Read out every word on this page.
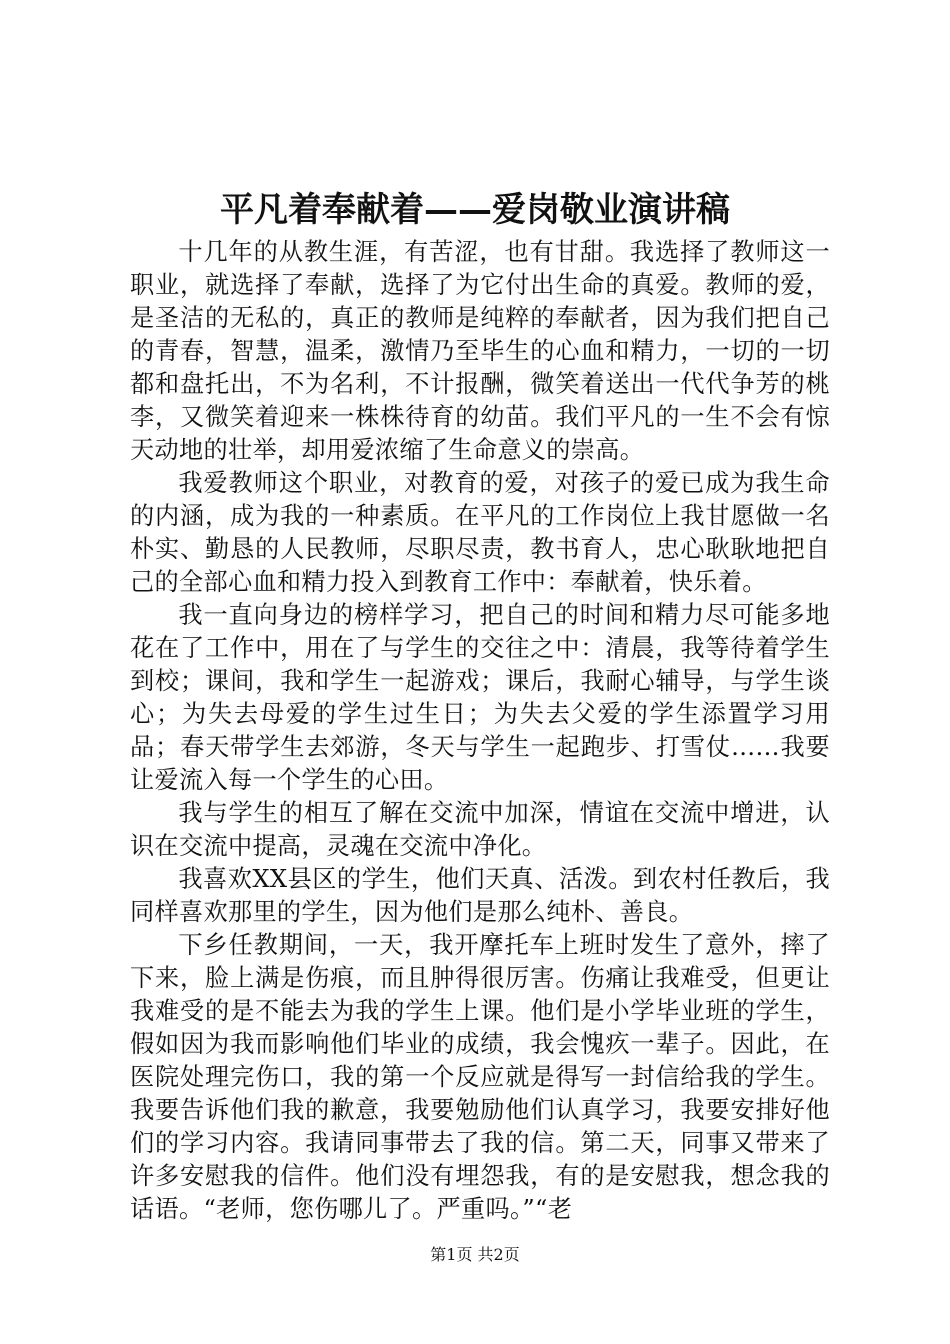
平凡着奉献着——爱岗敬业演讲稿

十几年的从教生涯，有苦涩，也有甘甜。我选择了教师这一职业，就选择了奉献，选择了为它付出生命的真爱。教师的爱，是圣洁的无私的，真正的教师是纯粹的奉献者，因为我们把自己的青春，智慧，温柔，激情乃至毕生的心血和精力，一切的一切都和盘托出，不为名利，不计报酬，微笑着送出一代代争芳的桃李，又微笑着迎来一株株待育的幼苗。我们平凡的一生不会有惊天动地的壮举，却用爱浓缩了生命意义的崇高。

我爱教师这个职业，对教育的爱，对孩子的爱已成为我生命的内涵，成为我的一种素质。在平凡的工作岗位上我甘愿做一名朴实、勤恳的人民教师，尽职尽责，教书育人，忠心耿耿地把自己的全部心血和精力投入到教育工作中：奉献着，快乐着。

我一直向身边的榜样学习，把自己的时间和精力尽可能多地花在了工作中，用在了与学生的交往之中：清晨，我等待着学生到校；课间，我和学生一起游戏；课后，我耐心辅导，与学生谈心；为失去母爱的学生过生日；为失去父爱的学生添置学习用品；春天带学生去郊游，冬天与学生一起跑步、打雪仗……我要让爱流入每一个学生的心田。

我与学生的相互了解在交流中加深，情谊在交流中增进，认识在交流中提高，灵魂在交流中净化。

我喜欢XX县区的学生，他们天真、活泼。到农村任教后，我同样喜欢那里的学生，因为他们是那么纯朴、善良。

下乡任教期间，一天，我开摩托车上班时发生了意外，摔了下来，脸上满是伤痕，而且肿得很厉害。伤痛让我难受，但更让我难受的是不能去为我的学生上课。他们是小学毕业班的学生，假如因为我而影响他们毕业的成绩，我会愧疚一辈子。因此，在医院处理完伤口，我的第一个反应就是得写一封信给我的学生。我要告诉他们我的歉意，我要勉励他们认真学习，我要安排好他们的学习内容。我请同事带去了我的信。第二天，同事又带来了许多安慰我的信件。他们没有埋怨我，有的是安慰我，想念我的话语。“老师，您伤哪儿了。严重吗。”“老

第1页 共2页
